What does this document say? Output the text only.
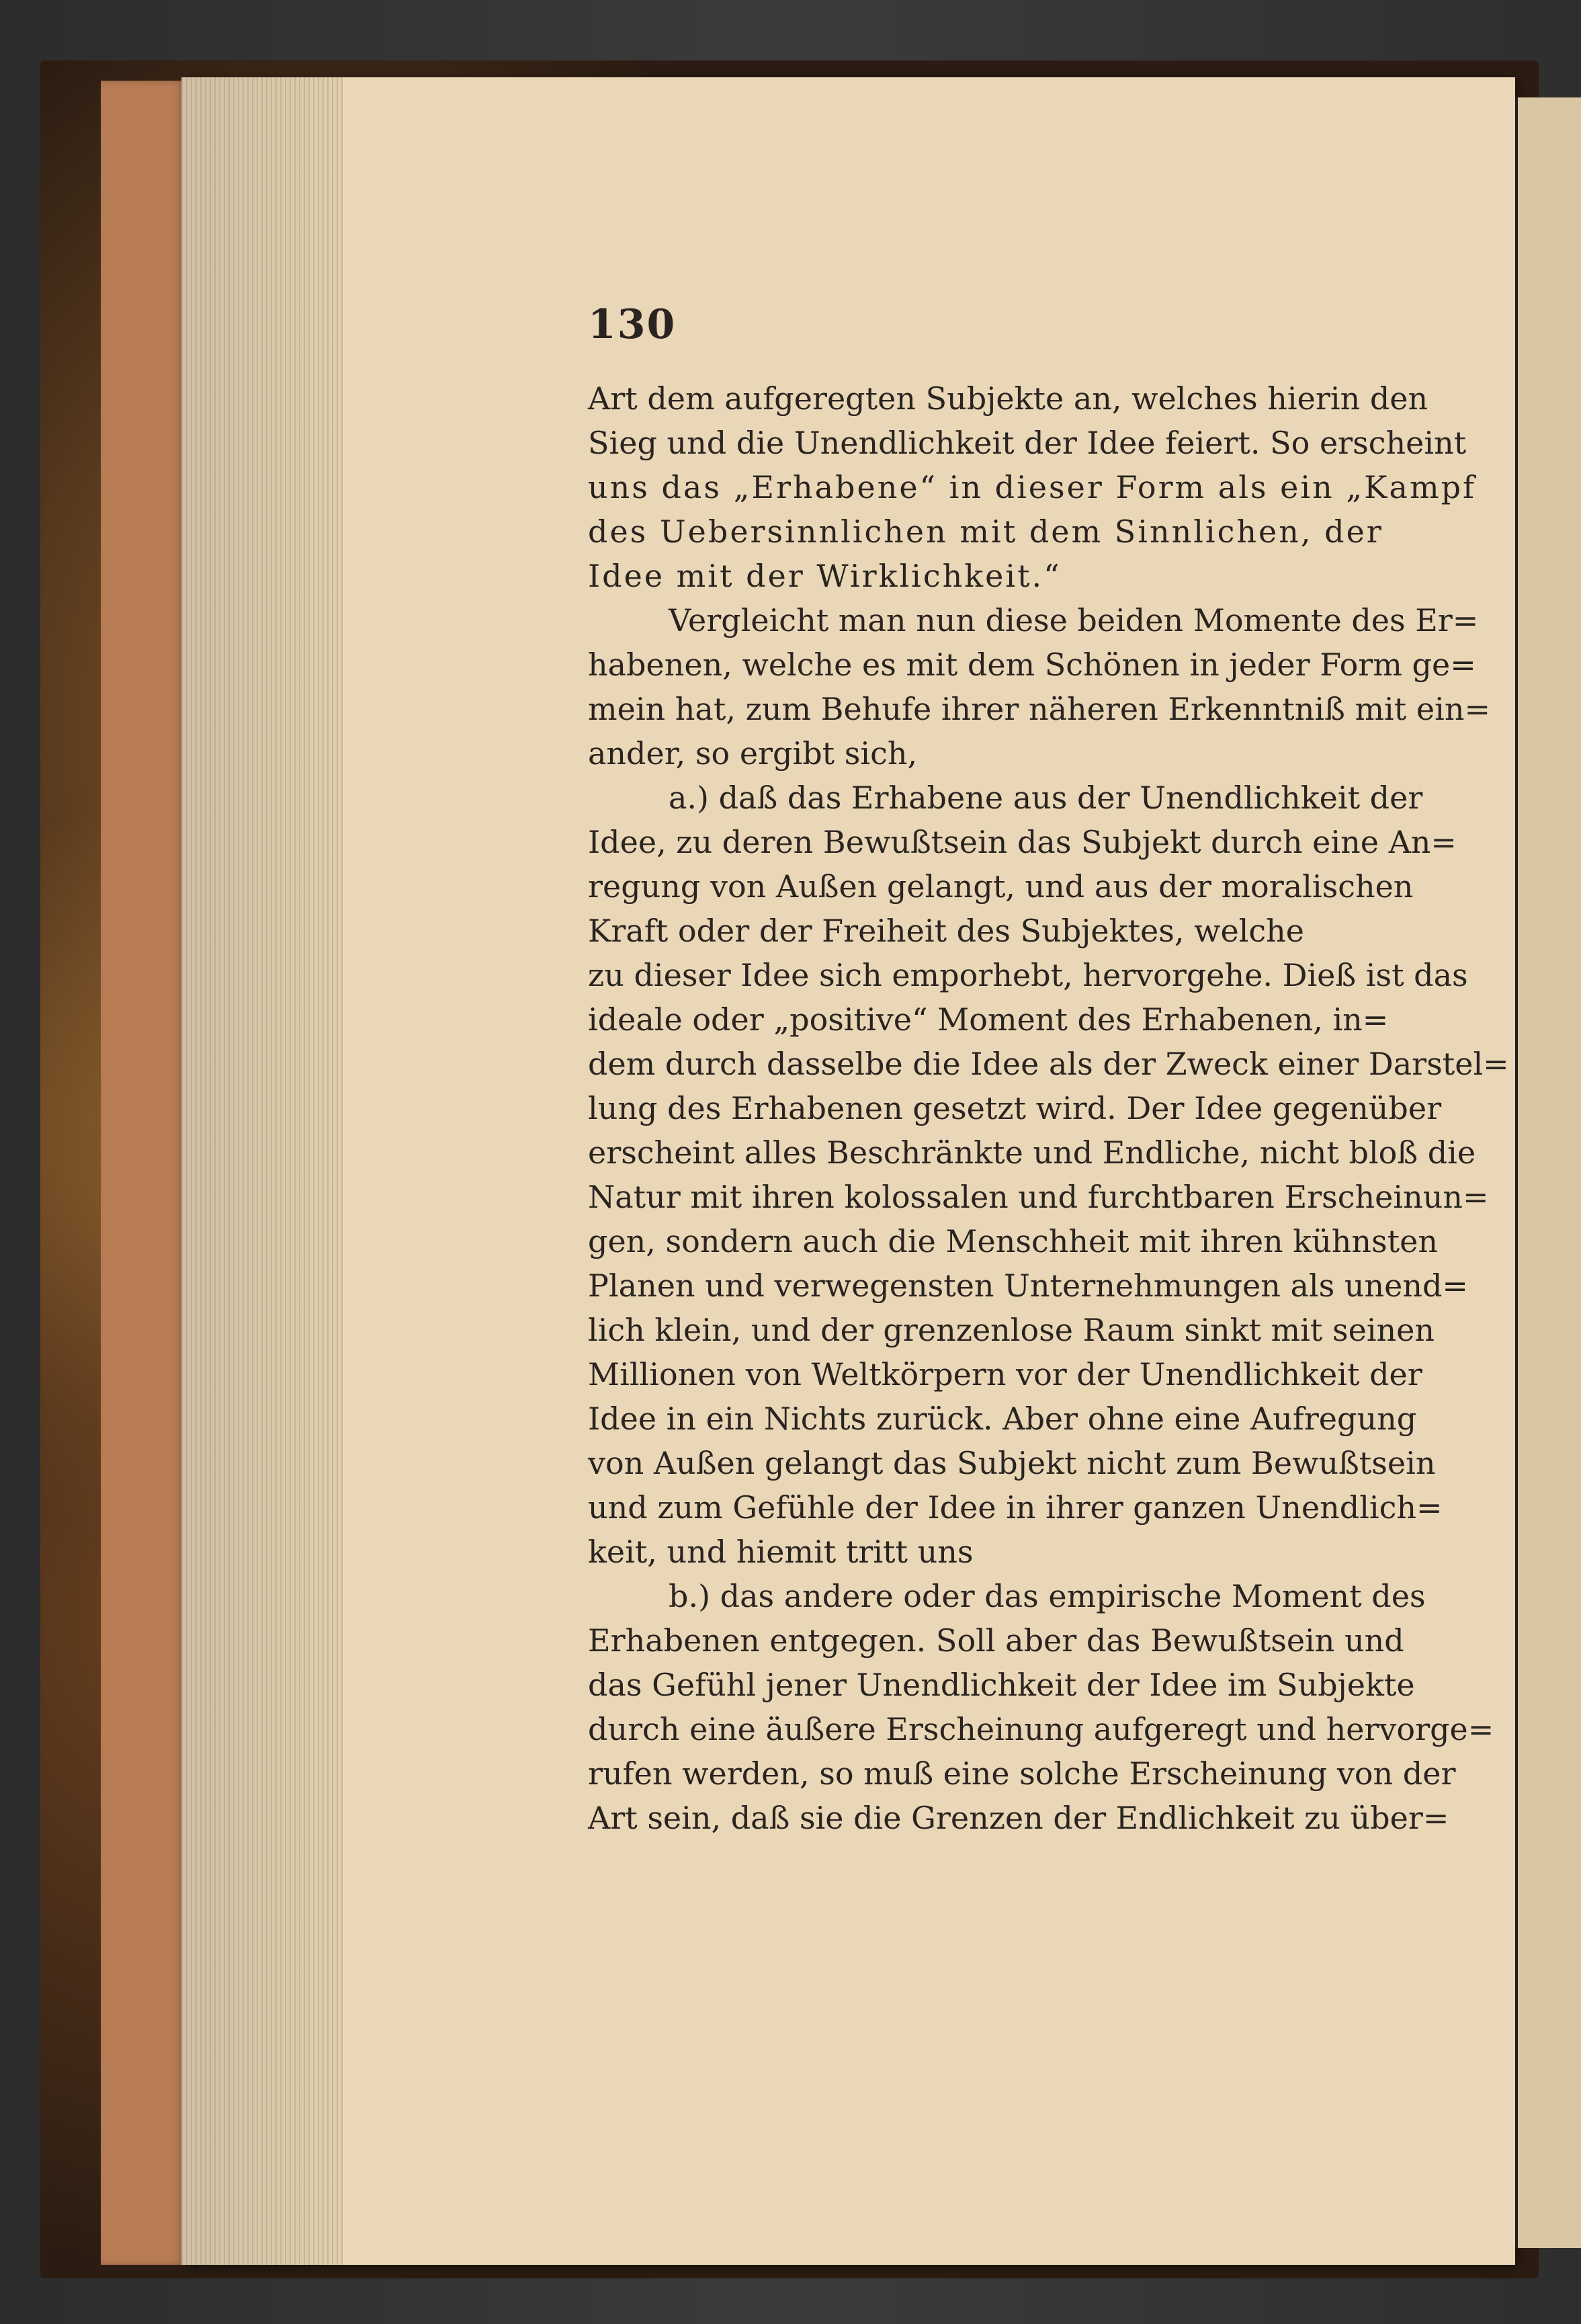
130
Art dem aufgeregten Subjekte an, welches hierin den
Sieg und die Unendlichkeit der Idee feiert. So erscheint
uns das „Erhabene“ in dieser Form als ein „Kampf
des Uebersinnlichen mit dem Sinnlichen, der
Idee mit der Wirklichkeit.“
Vergleicht man nun diese beiden Momente des Er=
habenen, welche es mit dem Schönen in jeder Form ge=
mein hat, zum Behufe ihrer näheren Erkenntniß mit ein=
ander, so ergibt sich,
a.) daß das Erhabene aus der Unendlichkeit der
Idee, zu deren Bewußtsein das Subjekt durch eine An=
regung von Außen gelangt, und aus der moralischen
Kraft oder der Freiheit des Subjektes, welche
zu dieser Idee sich emporhebt, hervorgehe. Dieß ist das
ideale oder „positive“ Moment des Erhabenen, in=
dem durch dasselbe die Idee als der Zweck einer Darstel=
lung des Erhabenen gesetzt wird. Der Idee gegenüber
erscheint alles Beschränkte und Endliche, nicht bloß die
Natur mit ihren kolossalen und furchtbaren Erscheinun=
gen, sondern auch die Menschheit mit ihren kühnsten
Planen und verwegensten Unternehmungen als unend=
lich klein, und der grenzenlose Raum sinkt mit seinen
Millionen von Weltkörpern vor der Unendlichkeit der
Idee in ein Nichts zurück. Aber ohne eine Aufregung
von Außen gelangt das Subjekt nicht zum Bewußtsein
und zum Gefühle der Idee in ihrer ganzen Unendlich=
keit, und hiemit tritt uns
b.) das andere oder das empirische Moment des
Erhabenen entgegen. Soll aber das Bewußtsein und
das Gefühl jener Unendlichkeit der Idee im Subjekte
durch eine äußere Erscheinung aufgeregt und hervorge=
rufen werden, so muß eine solche Erscheinung von der
Art sein, daß sie die Grenzen der Endlichkeit zu über=
